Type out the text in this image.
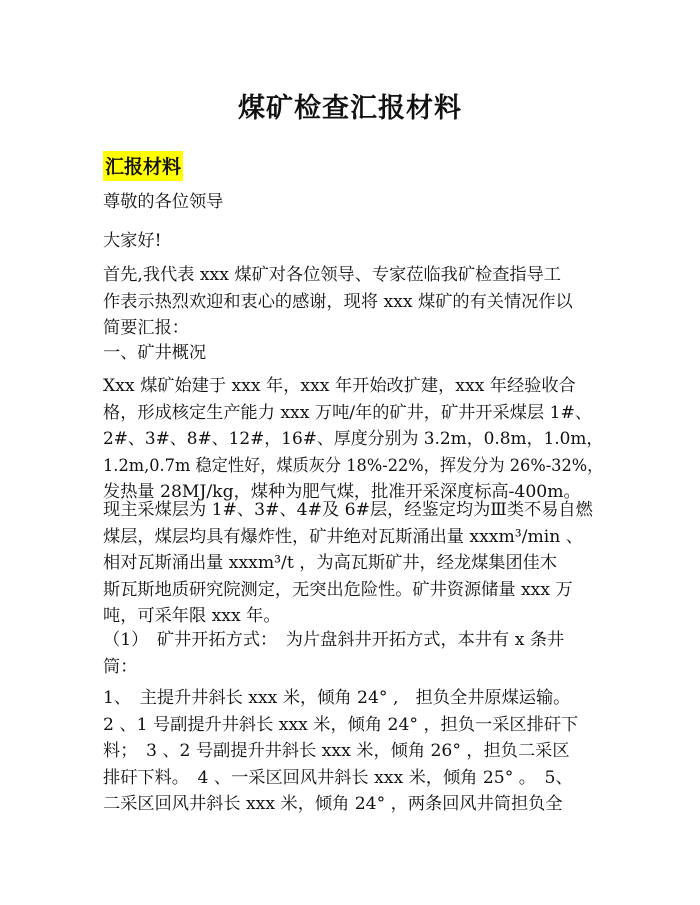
煤矿检查汇报材料
汇报材料
尊敬的各位领导
大家好!
首先,我代表 xxx 煤矿对各位领导、专家莅临我矿检查指导工
作表示热烈欢迎和衷心的感谢，现将 xxx 煤矿的有关情况作以
简要汇报：
一、矿井概况
Xxx 煤矿始建于 xxx 年，xxx 年开始改扩建，xxx 年经验收合
格，形成核定生产能力 xxx 万吨/年的矿井，矿井开采煤层 1#、
2#、3#、8#、12#，16#、厚度分别为 3.2m，0.8m，1.0m，1.2m,0.7m 稳定性好，煤质灰分 18%-22%，挥发分为 26%-32%，
发热量 28MJ/kg，煤种为肥气煤，批准开采深度标高-400m。
现主采煤层为 1#、3#、4#及 6#层，经鉴定均为Ⅲ类不易自燃
煤层，煤层均具有爆炸性，矿井绝对瓦斯涌出量 xxxm³/min 、
相对瓦斯涌出量 xxxm³/t ，为高瓦斯矿井，经龙煤集团佳木
斯瓦斯地质研究院测定，无突出危险性。矿井资源储量 xxx 万
吨，可采年限 xxx 年。
（1）　矿井开拓方式：　为片盘斜井开拓方式，本井有 x 条井
筒：
1、　主提升井斜长 xxx 米，倾角 24° ,　担负全井原煤运输。
2 、1 号副提升井斜长 xxx 米，倾角 24° ，担负一采区排矸下
料；　3 、2 号副提升井斜长 xxx 米，倾角 26° ，担负二采区
排矸下料。　4 、一采区回风井斜长 xxx 米，倾角 25° 。　5、
二采区回风井斜长 xxx 米，倾角 24° ，两条回风井筒担负全
